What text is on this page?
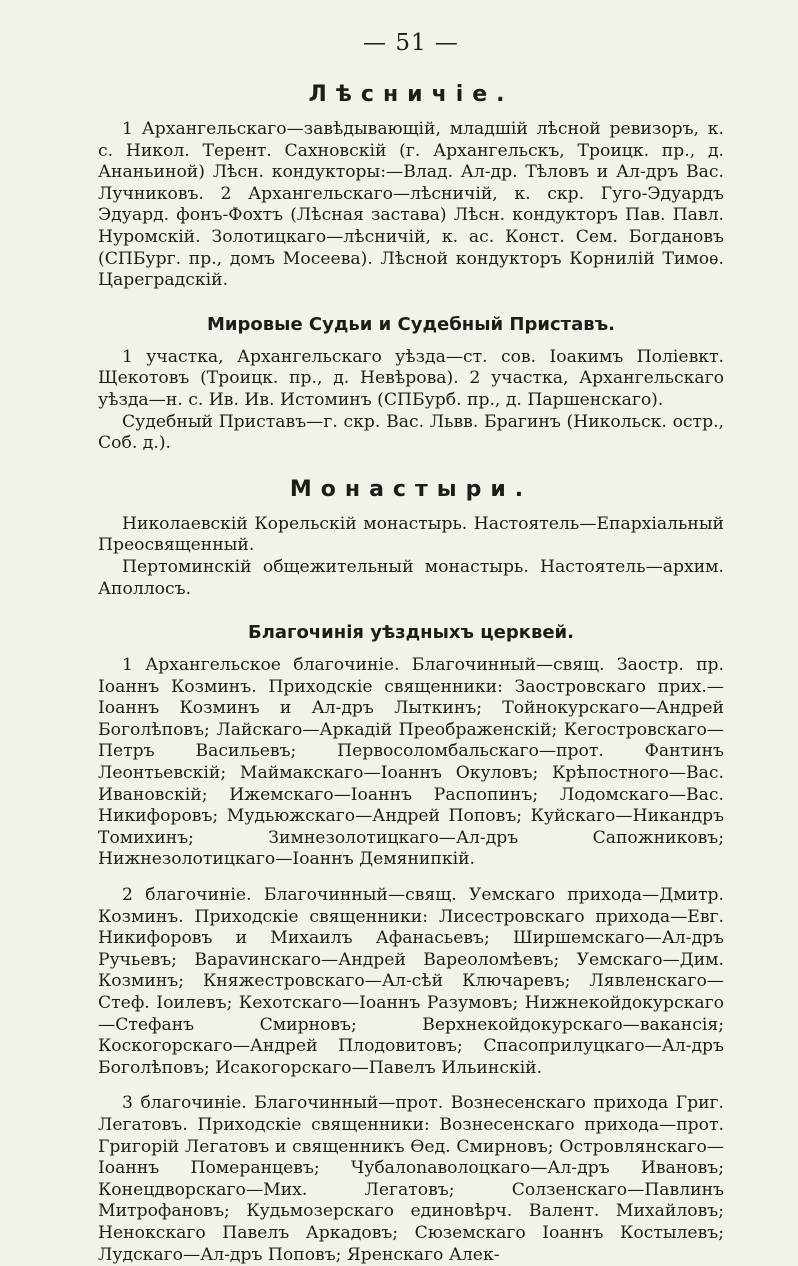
— 51 —
Лѣсничіе.

1 Архангельскаго—завѣдывающій, младшій лѣсной ревизоръ, к. с. Никол. Терент. Сахновскій (г. Архангельскъ, Троицк. пр., д. Ананьиной) Лѣсн. кондукторы:—Влад. Ал-др. Тѣловъ и Ал-дръ Вас. Лучниковъ. 2 Архангельскаго—лѣсничій, к. скр. Гуго-Эдуардъ Эдуард. фонъ-Фохтъ (Лѣсная застава) Лѣсн. кондукторъ Пав. Павл. Нуромскій. Золотицкаго—лѣсничій, к. ас. Конст. Сем. Богдановъ (СПБург. пр., домъ Мосеева). Лѣсной кондукторъ Корнилій Тимоѳ. Цареградскій.

Мировые Судьи и Судебный Приставъ.

1 участка, Архангельскаго уѣзда—ст. сов. Іоакимъ Поліевкт. Щекотовъ (Троицк. пр., д. Невѣрова). 2 участка, Архангельскаго уѣзда—н. с. Ив. Ив. Истоминъ (СПБурб. пр., д. Паршенскаго).

Судебный Приставъ—г. скр. Вас. Львв. Брагинъ (Никольск. остр., Соб. д.).

Монастыри.

Николаевскій Корельскій монастырь. Настоятель—Епархіальный Преосвященный.

Пертоминскій общежительный монастырь. Настоятель—архим. Аполлосъ.

Благочинія уѣздныхъ церквей.

1 Архангельское благочиніе. Благочинный—свящ. Заостр. пр. Іоаннъ Козминъ. Приходскіе священники: Заостровскаго прих.—Іоаннъ Козминъ и Ал-дръ Лыткинъ; Тойнокурскаго—Андрей Боголѣповъ; Лайскаго—Аркадій Преображенскій; Кегостровскаго—Петръ Васильевъ; Первосоломбальскаго—прот. Фантинъ Леонтьевскій; Маймакскаго—Іоаннъ Окуловъ; Крѣпостного—Вас. Ивановскій; Ижемскаго—Іоаннъ Распопинъ; Лодомскаго—Вас. Никифоровъ; Мудьюжскаго—Андрей Поповъ; Куйскаго—Никандръ Томихинъ; Зимнезолотицкаго—Ал-дръ Сапожниковъ; Нижнезолотицкаго—Іоаннъ Демянипкій.

2 благочиніе. Благочинный—свящ. Уемскаго прихода—Дмитр. Козминъ. Приходскіе священники: Лисестровскаго прихода—Евг. Никифоровъ и Михаилъ Афанасьевъ; Ширшемскаго—Ал-дръ Ручьевъ; Вараvинскаго—Андрей Вареоломѣевъ; Уемскаго—Дим. Козминъ; Княжестровскаго—Ал-сѣй Ключаревъ; Лявленскаго—Стеф. Іоилевъ; Кехотскаго—Іоаннъ Разумовъ; Нижнекойдокурскаго—Стефанъ Смирновъ; Верхнекойдокурскаго—вакансія; Коскогорскаго—Андрей Плодовитовъ; Спасоприлуцкаго—Ал-дръ Боголѣповъ; Исакогорскаго—Павелъ Ильинскій.

3 благочиніе. Благочинный—прот. Вознесенскаго прихода Григ. Легатовъ. Приходскіе священники: Вознесенскаго прихода—прот. Григорій Легатовъ и священникъ Ѳед. Смирновъ; Островлянскаго—Іоаннъ Померанцевъ; Чубалоnаволоцкаго—Ал-дръ Ивановъ; Конецдворскаго—Мих. Легатовъ; Солзенскаго—Павлинъ Митрофановъ; Кудьмозерскаго единовѣрч. Валент. Михайловъ; Ненокскаго Павелъ Аркадовъ; Сюземскаго Іоаннъ Костылевъ; Лудскаго—Ал-дръ Поповъ; Яренскаго Алек-
